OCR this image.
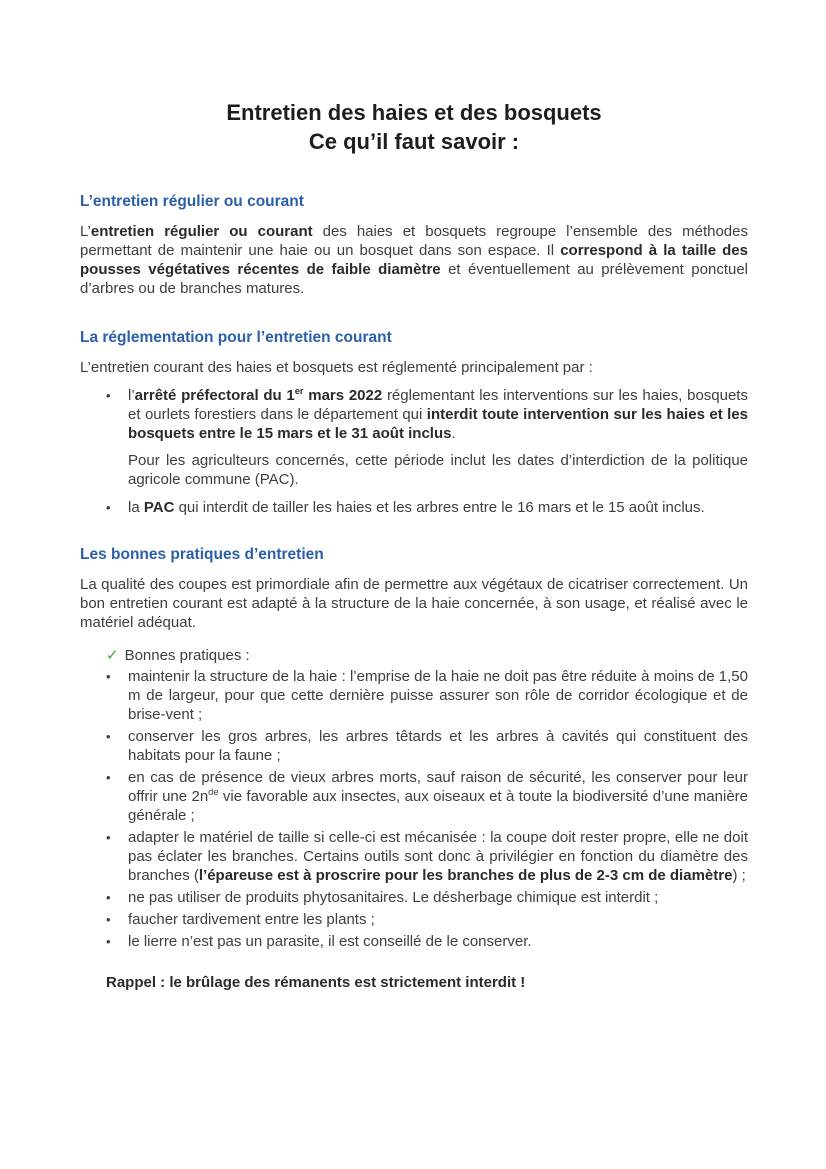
Entretien des haies et des bosquets
Ce qu’il faut savoir :
L’entretien régulier ou courant

L’entretien régulier ou courant des haies et bosquets regroupe l’ensemble des méthodes permettant de maintenir une haie ou un bosquet dans son espace. Il correspond à la taille des pousses végétatives récentes de faible diamètre et éventuellement au prélèvement ponctuel d’arbres ou de branches matures.

La réglementation pour l’entretien courant

L’entretien courant des haies et bosquets est réglementé principalement par :

•	l’arrêté préfectoral du 1er mars 2022 réglementant les interventions sur les haies, bosquets et ourlets forestiers dans le département qui interdit toute intervention sur les haies et les bosquets entre le 15 mars et le 31 août inclus.

Pour les agriculteurs concernés, cette période inclut les dates d’interdiction de la politique agricole commune (PAC).

•	la PAC qui interdit de tailler les haies et les arbres entre le 16 mars et le 15 août inclus.
Les bonnes pratiques d’entretien

La qualité des coupes est primordiale afin de permettre aux végétaux de cicatriser correctement. Un bon entretien courant est adapté à la structure de la haie concernée, à son usage, et réalisé avec le matériel adéquat.

✓ Bonnes pratiques :
•	maintenir la structure de la haie : l’emprise de la haie ne doit pas être réduite à moins de 1,50 m de largeur, pour que cette dernière puisse assurer son rôle de corridor écologique et de brise-vent ;
•	conserver les gros arbres, les arbres têtards et les arbres à cavités qui constituent des habitats pour la faune ;
•	en cas de présence de vieux arbres morts, sauf raison de sécurité, les conserver pour leur offrir une $2n^{de}$ vie favorable aux insectes, aux oiseaux et à toute la biodiversité d’une manière générale ;
•	adapter le matériel de taille si celle-ci est mécanisée : la coupe doit rester propre, elle ne doit pas éclater les branches. Certains outils sont donc à privilégier en fonction du diamètre des branches (l’épareuse est à proscrire pour les branches de plus de 2-3 cm de diamètre) ;
•	ne pas utiliser de produits phytosanitaires. Le désherbage chimique est interdit ;
•	faucher tardivement entre les plants ;
•	le lierre n’est pas un parasite, il est conseillé de le conserver.

Rappel : le brûlage des rémanents est strictement interdit !
